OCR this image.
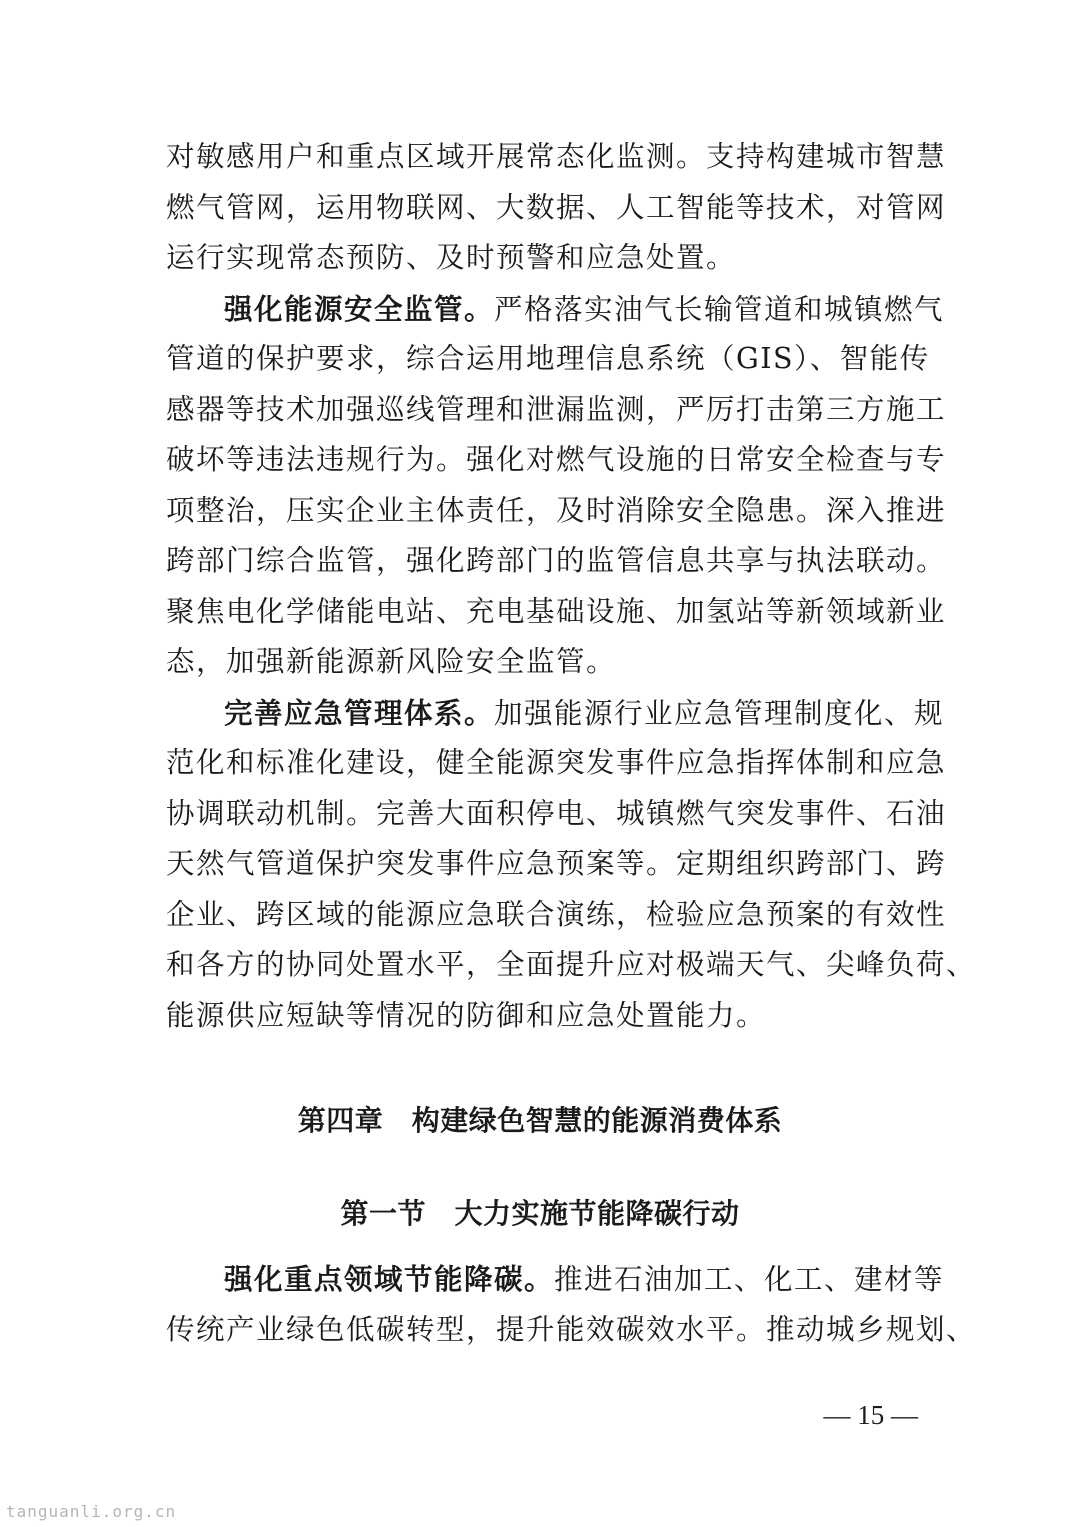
对敏感用户和重点区域开展常态化监测。支持构建城市智慧
燃气管网，运用物联网、大数据、人工智能等技术，对管网
运行实现常态预防、及时预警和应急处置。
强化能源安全监管。严格落实油气长输管道和城镇燃气
管道的保护要求，综合运用地理信息系统（GIS）、智能传
感器等技术加强巡线管理和泄漏监测，严厉打击第三方施工
破坏等违法违规行为。强化对燃气设施的日常安全检查与专
项整治，压实企业主体责任，及时消除安全隐患。深入推进
跨部门综合监管，强化跨部门的监管信息共享与执法联动。
聚焦电化学储能电站、充电基础设施、加氢站等新领域新业
态，加强新能源新风险安全监管。
完善应急管理体系。加强能源行业应急管理制度化、规
范化和标准化建设，健全能源突发事件应急指挥体制和应急
协调联动机制。完善大面积停电、城镇燃气突发事件、石油
天然气管道保护突发事件应急预案等。定期组织跨部门、跨
企业、跨区域的能源应急联合演练，检验应急预案的有效性
和各方的协同处置水平，全面提升应对极端天气、尖峰负荷、
能源供应短缺等情况的防御和应急处置能力。
第四章　构建绿色智慧的能源消费体系
第一节　大力实施节能降碳行动
强化重点领域节能降碳。推进石油加工、化工、建材等
传统产业绿色低碳转型，提升能效碳效水平。推动城乡规划、
— 15 —
tanguanli.org.cn
